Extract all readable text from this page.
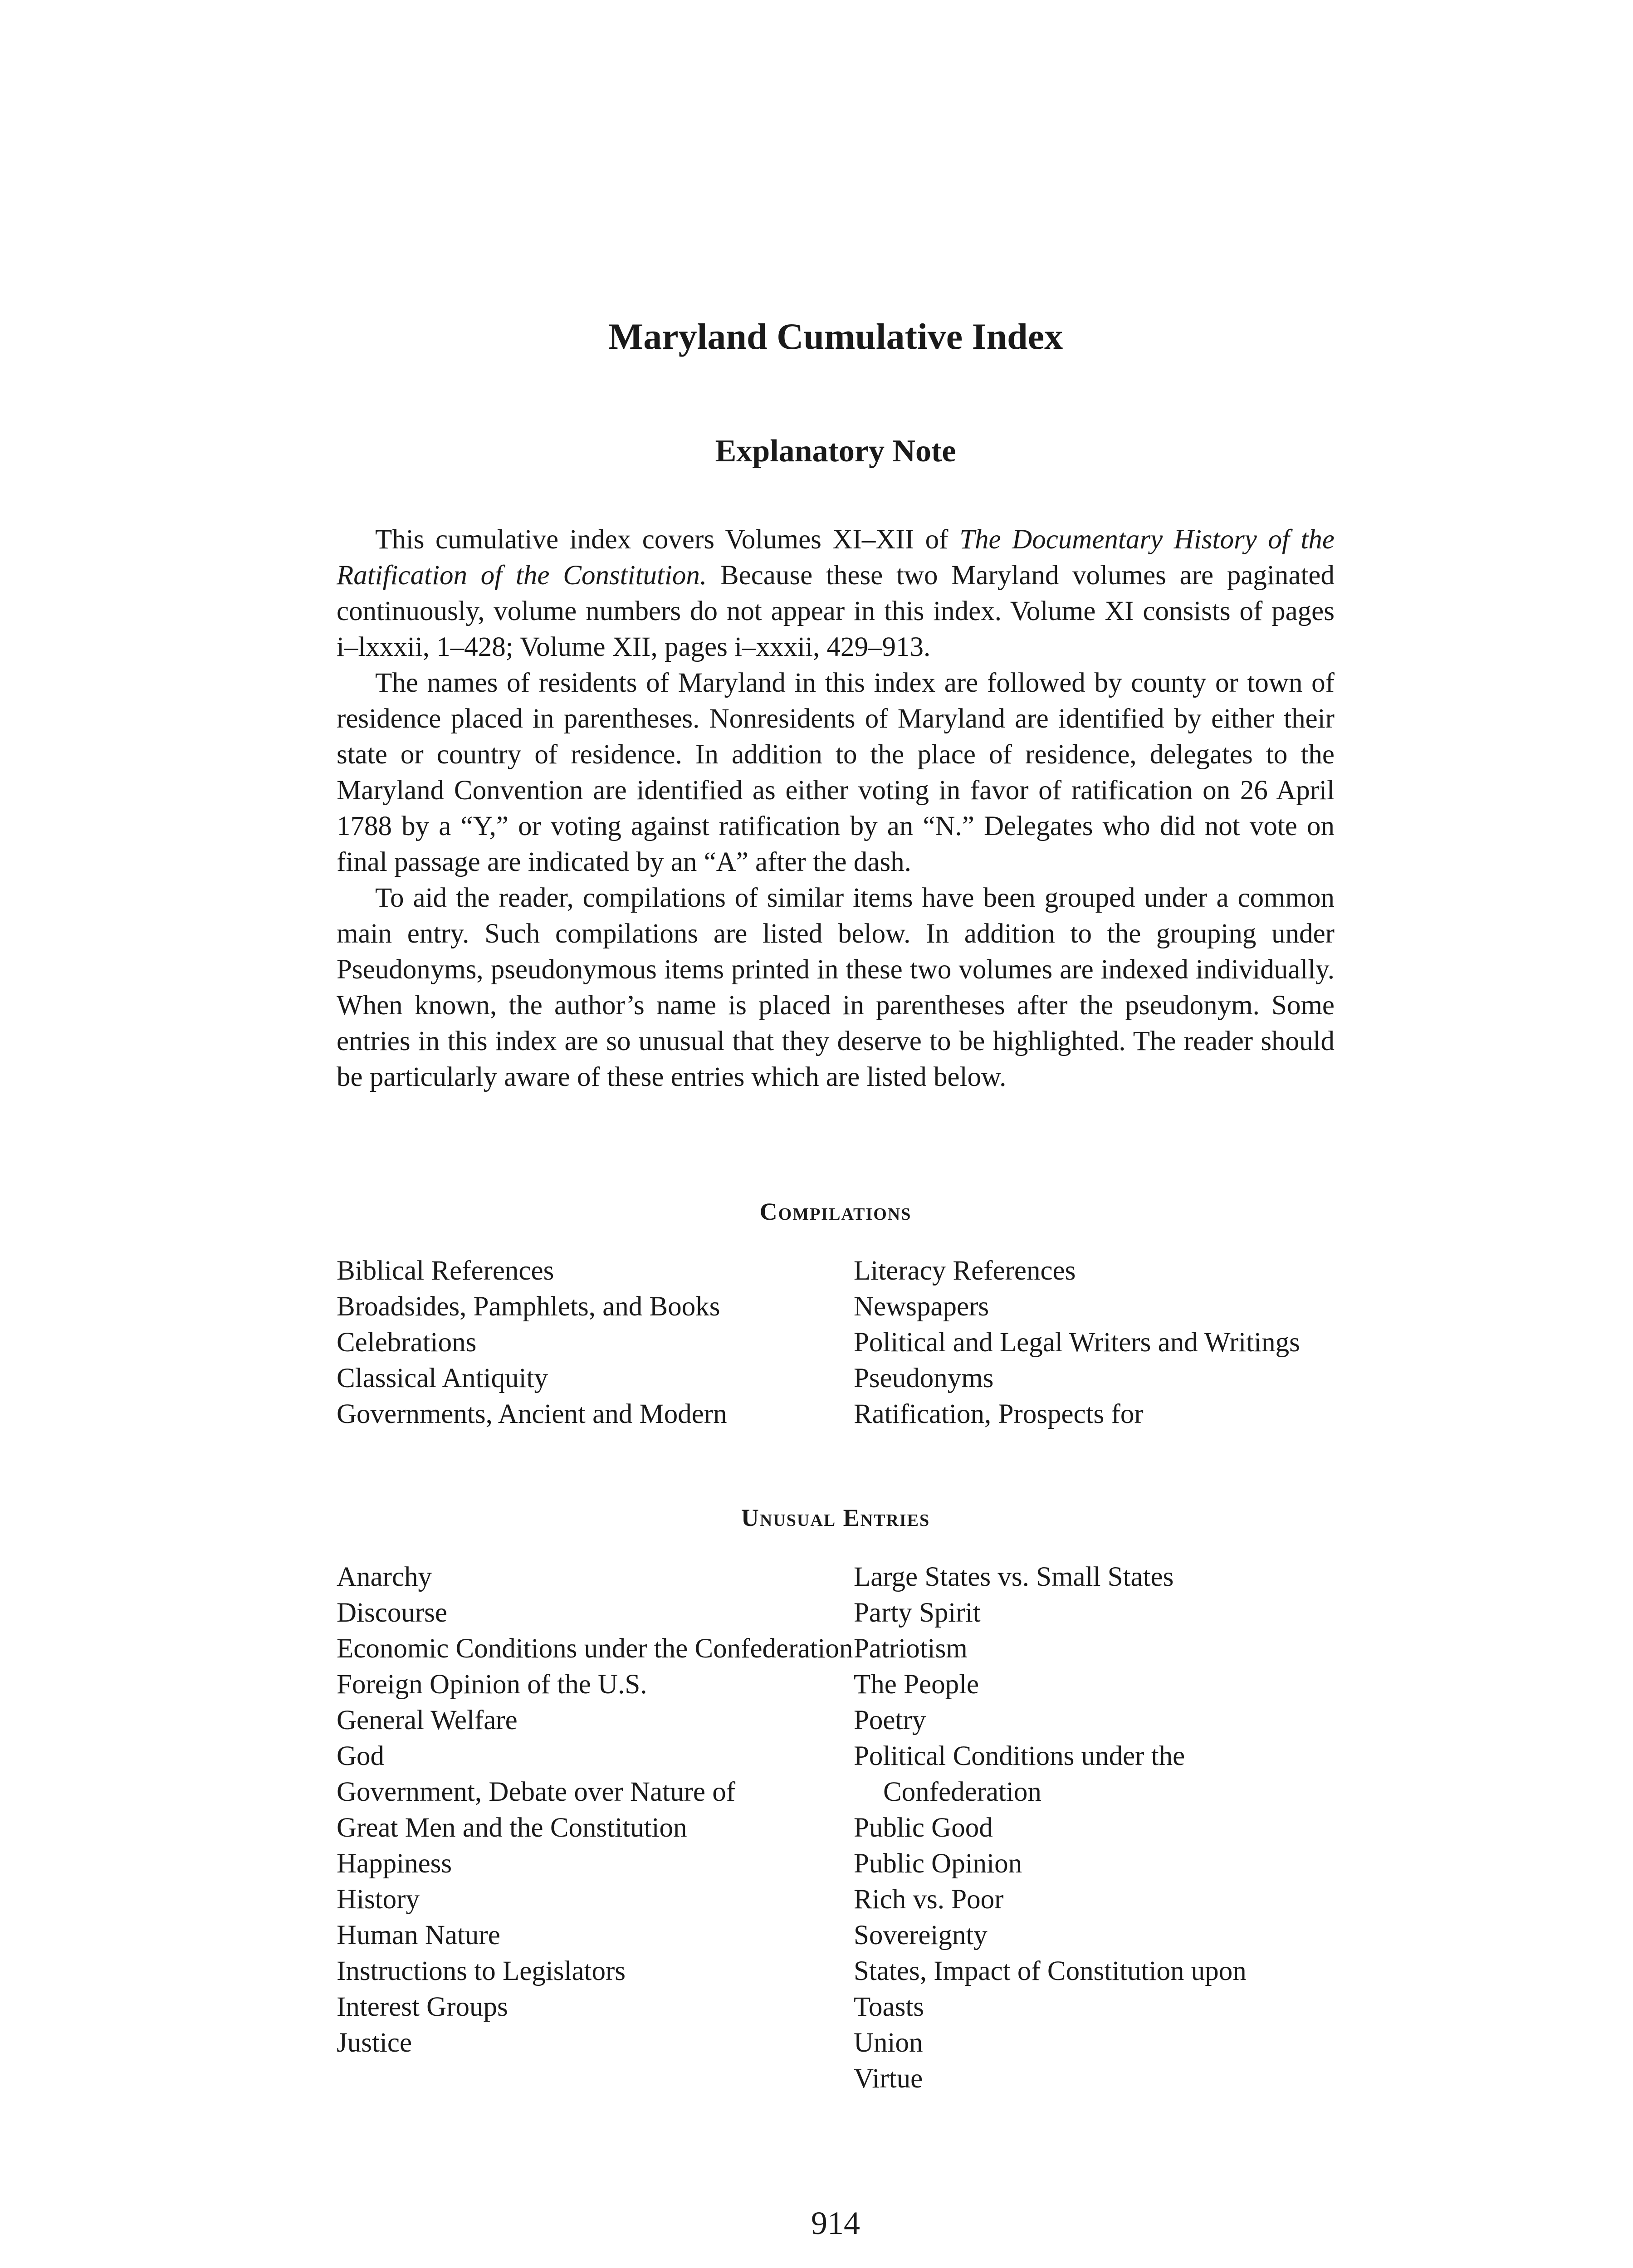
Maryland Cumulative Index
Explanatory Note

This cumulative index covers Volumes XI–XII of The Documentary History of the Ratification of the Constitution. Because these two Maryland volumes are paginated continuously, volume numbers do not appear in this index. Volume XI consists of pages i–lxxxii, 1–428; Volume XII, pages i–xxxii, 429–913.

The names of residents of Maryland in this index are followed by county or town of residence placed in parentheses. Nonresidents of Maryland are identified by either their state or country of residence. In addition to the place of residence, delegates to the Maryland Convention are identified as either voting in favor of ratification on 26 April 1788 by a “Y,” or voting against ratification by an “N.” Delegates who did not vote on final passage are indicated by an “A” after the dash.

To aid the reader, compilations of similar items have been grouped under a common main entry. Such compilations are listed below. In addition to the grouping under Pseudonyms, pseudonymous items printed in these two volumes are indexed individually. When known, the author’s name is placed in parentheses after the pseudonym. Some entries in this index are so unusual that they deserve to be highlighted. The reader should be particularly aware of these entries which are listed below.

Compilations
Biblical References
Broadsides, Pamphlets, and Books
Celebrations
Classical Antiquity
Governments, Ancient and Modern
Literacy References
Newspapers
Political and Legal Writers and Writings
Pseudonyms
Ratification, Prospects for
Unusual Entries
Anarchy
Discourse
Economic Conditions under the Confederation
Foreign Opinion of the U.S.
General Welfare
God
Government, Debate over Nature of
Great Men and the Constitution
Happiness
History
Human Nature
Instructions to Legislators
Interest Groups
Justice
Large States vs. Small States
Party Spirit
Patriotism
The People
Poetry
Political Conditions under the Confederation
Public Good
Public Opinion
Rich vs. Poor
Sovereignty
States, Impact of Constitution upon
Toasts
Union
Virtue

914
